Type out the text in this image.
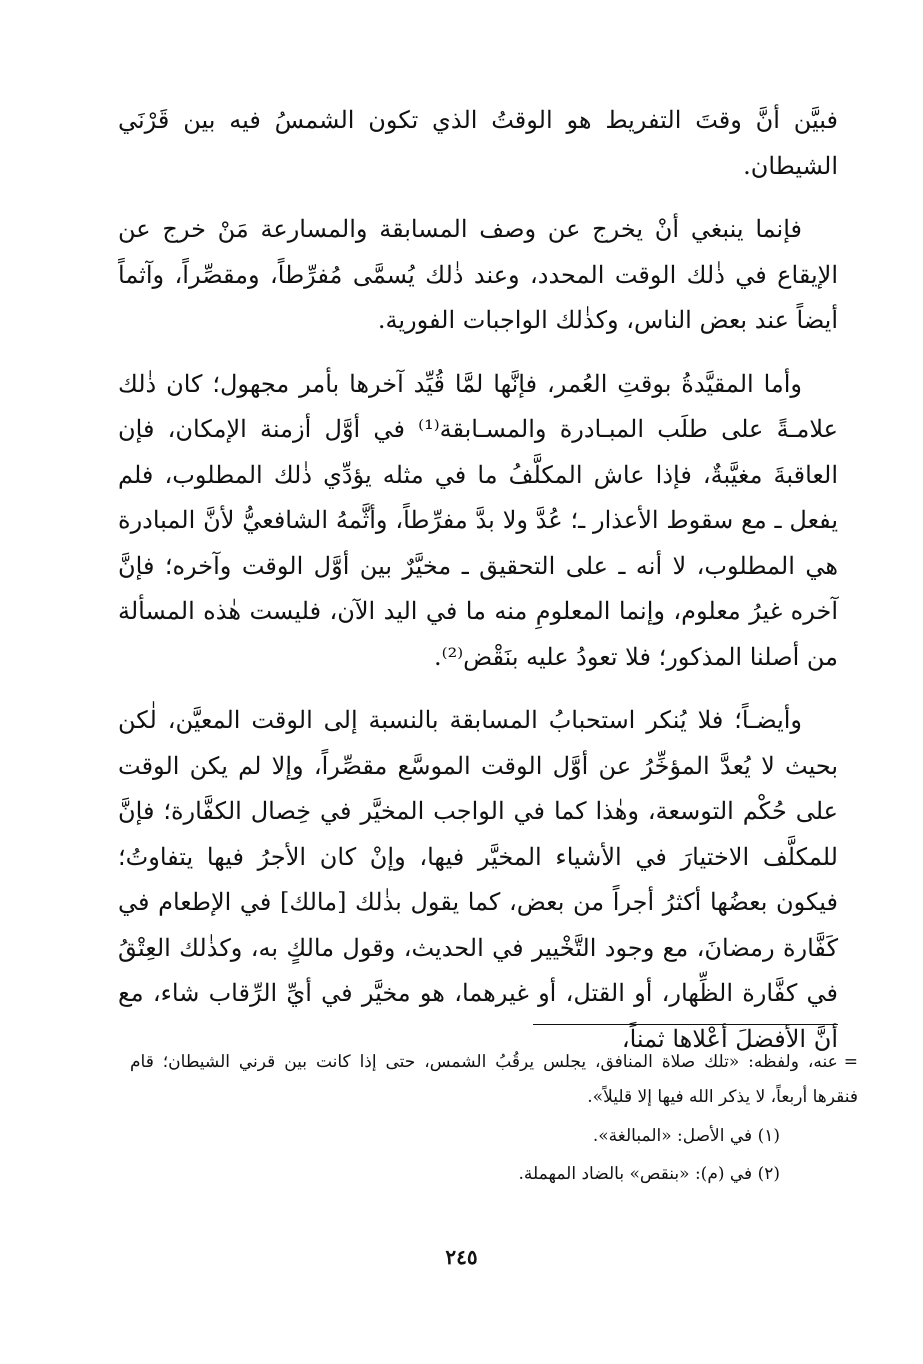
فبيَّن أنَّ وقتَ التفريط هو الوقتُ الذي تكون الشمسُ فيه بين قَرْنَي الشيطان.

فإنما ينبغي أنْ يخرج عن وصف المسابقة والمسارعة مَنْ خرج عن الإيقاع في ذٰلك الوقت المحدد، وعند ذٰلك يُسمَّى مُفرِّطاً، ومقصِّراً، وآثماً أيضاً عند بعض الناس، وكذٰلك الواجبات الفورية.

وأما المقيَّدةُ بوقتِ العُمر، فإنَّها لمَّا قُيِّد آخرها بأمر مجهول؛ كان ذٰلك علامـةً على طلَب المبـادرة والمسـابقة⁽¹⁾ في أوَّل أزمنة الإمكان، فإن العاقبةَ مغيَّبةٌ، فإذا عاش المكلَّفُ ما في مثله يؤدِّي ذٰلك المطلوب، فلم يفعل ـ مع سقوط الأعذار ـ؛ عُدَّ ولا بدَّ مفرِّطاً، وأثَّمهُ الشافعيُّ لأنَّ المبادرة هي المطلوب، لا أنه ـ على التحقيق ـ مخيَّرٌ بين أوَّل الوقت وآخره؛ فإنَّ آخره غيرُ معلوم، وإنما المعلومِ منه ما في اليد الآن، فليست هٰذه المسألة من أصلنا المذكور؛ فلا تعودُ عليه بنَقْض⁽²⁾.

وأيضـاً؛ فلا يُنكر استحبابُ المسابقة بالنسبة إلى الوقت المعيَّن، لٰكن بحيث لا يُعدَّ المؤخِّرُ عن أوَّل الوقت الموسَّع مقصِّراً، وإلا لم يكن الوقت على حُكْم التوسعة، وهٰذا كما في الواجب المخيَّر في خِصال الكفَّارة؛ فإنَّ للمكلَّف الاختيارَ في الأشياء المخيَّر فيها، وإنْ كان الأجرُ فيها يتفاوتُ؛ فيكون بعضُها أكثرُ أجراً من بعض، كما يقول بذٰلك [مالك] في الإطعام في كَفَّارة رمضانَ، مع وجود التَّخْيير في الحديث، وقول مالكٍ به، وكذٰلك العِتْقُ في كفَّارة الظِّهار، أو القتل، أو غيرهما، هو مخيَّر في أيِّ الرِّقاب شاء، مع أنَّ الأفضلَ أعْلاها ثمناً،

=عنه، ولفظه: «تلك صلاة المنافق، يجلس يرقُبُ الشمس، حتى إذا كانت بين قرني الشيطان؛ قام فنقرها أربعاً، لا يذكر الله فيها إلا قليلاً».

(١) في الأصل: «المبالغة».

(٢) في (م): «بنقص» بالضاد المهملة.

٢٤٥
